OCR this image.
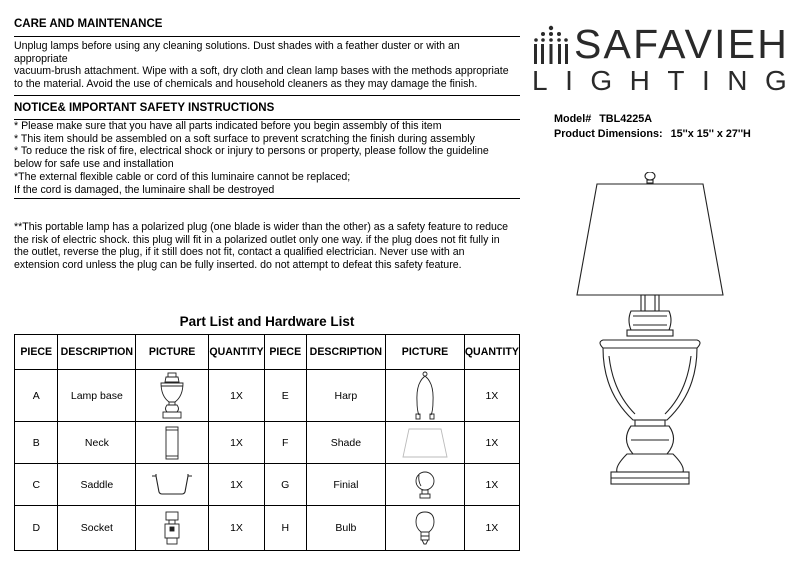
CARE AND MAINTENANCE
Unplug lamps before using any cleaning solutions. Dust shades with a feather duster or with an
appropriate
vacuum-brush attachment. Wipe with a soft, dry cloth and clean lamp bases with the methods appropriate
to the material. Avoid the use of chemicals and household cleaners as they may damage the finish.
NOTICE& IMPORTANT SAFETY INSTRUCTIONS
* Please make sure that you have all parts indicated before you begin assembly of this item
* This item should be assembled on a soft surface to prevent scratching the finish during assembly
* To reduce the risk of fire, electrical shock or injury to persons or property, please follow the guideline
below for safe use and installation
*The external flexible cable or cord of this luminaire cannot be replaced;
If the cord is damaged, the luminaire shall be destroyed
**This portable lamp has a polarized plug (one blade is wider than the other) as a safety feature to reduce
the risk of electric shock. this plug will fit in a polarized outlet only one way. if the plug does not fit fully in
the outlet, reverse the plug, if it still does not fit, contact a qualified electrician. Never use with an
extension cord unless the plug can be fully inserted. do not attempt to defeat this safety feature.
SAFAVIEH
LIGHTING
Model# TBL4225A
Product Dimensions: 15''x 15'' x 27''H
Part List and Hardware List
PIECE	DESCRIPTION	PICTURE	QUANTITY	PIECE	DESCRIPTION	PICTURE	QUANTITY
A	Lamp base		1X	E	Harp		1X
B	Neck		1X	F	Shade		1X
C	Saddle		1X	G	Finial		1X
D	Socket		1X	H	Bulb		1X
